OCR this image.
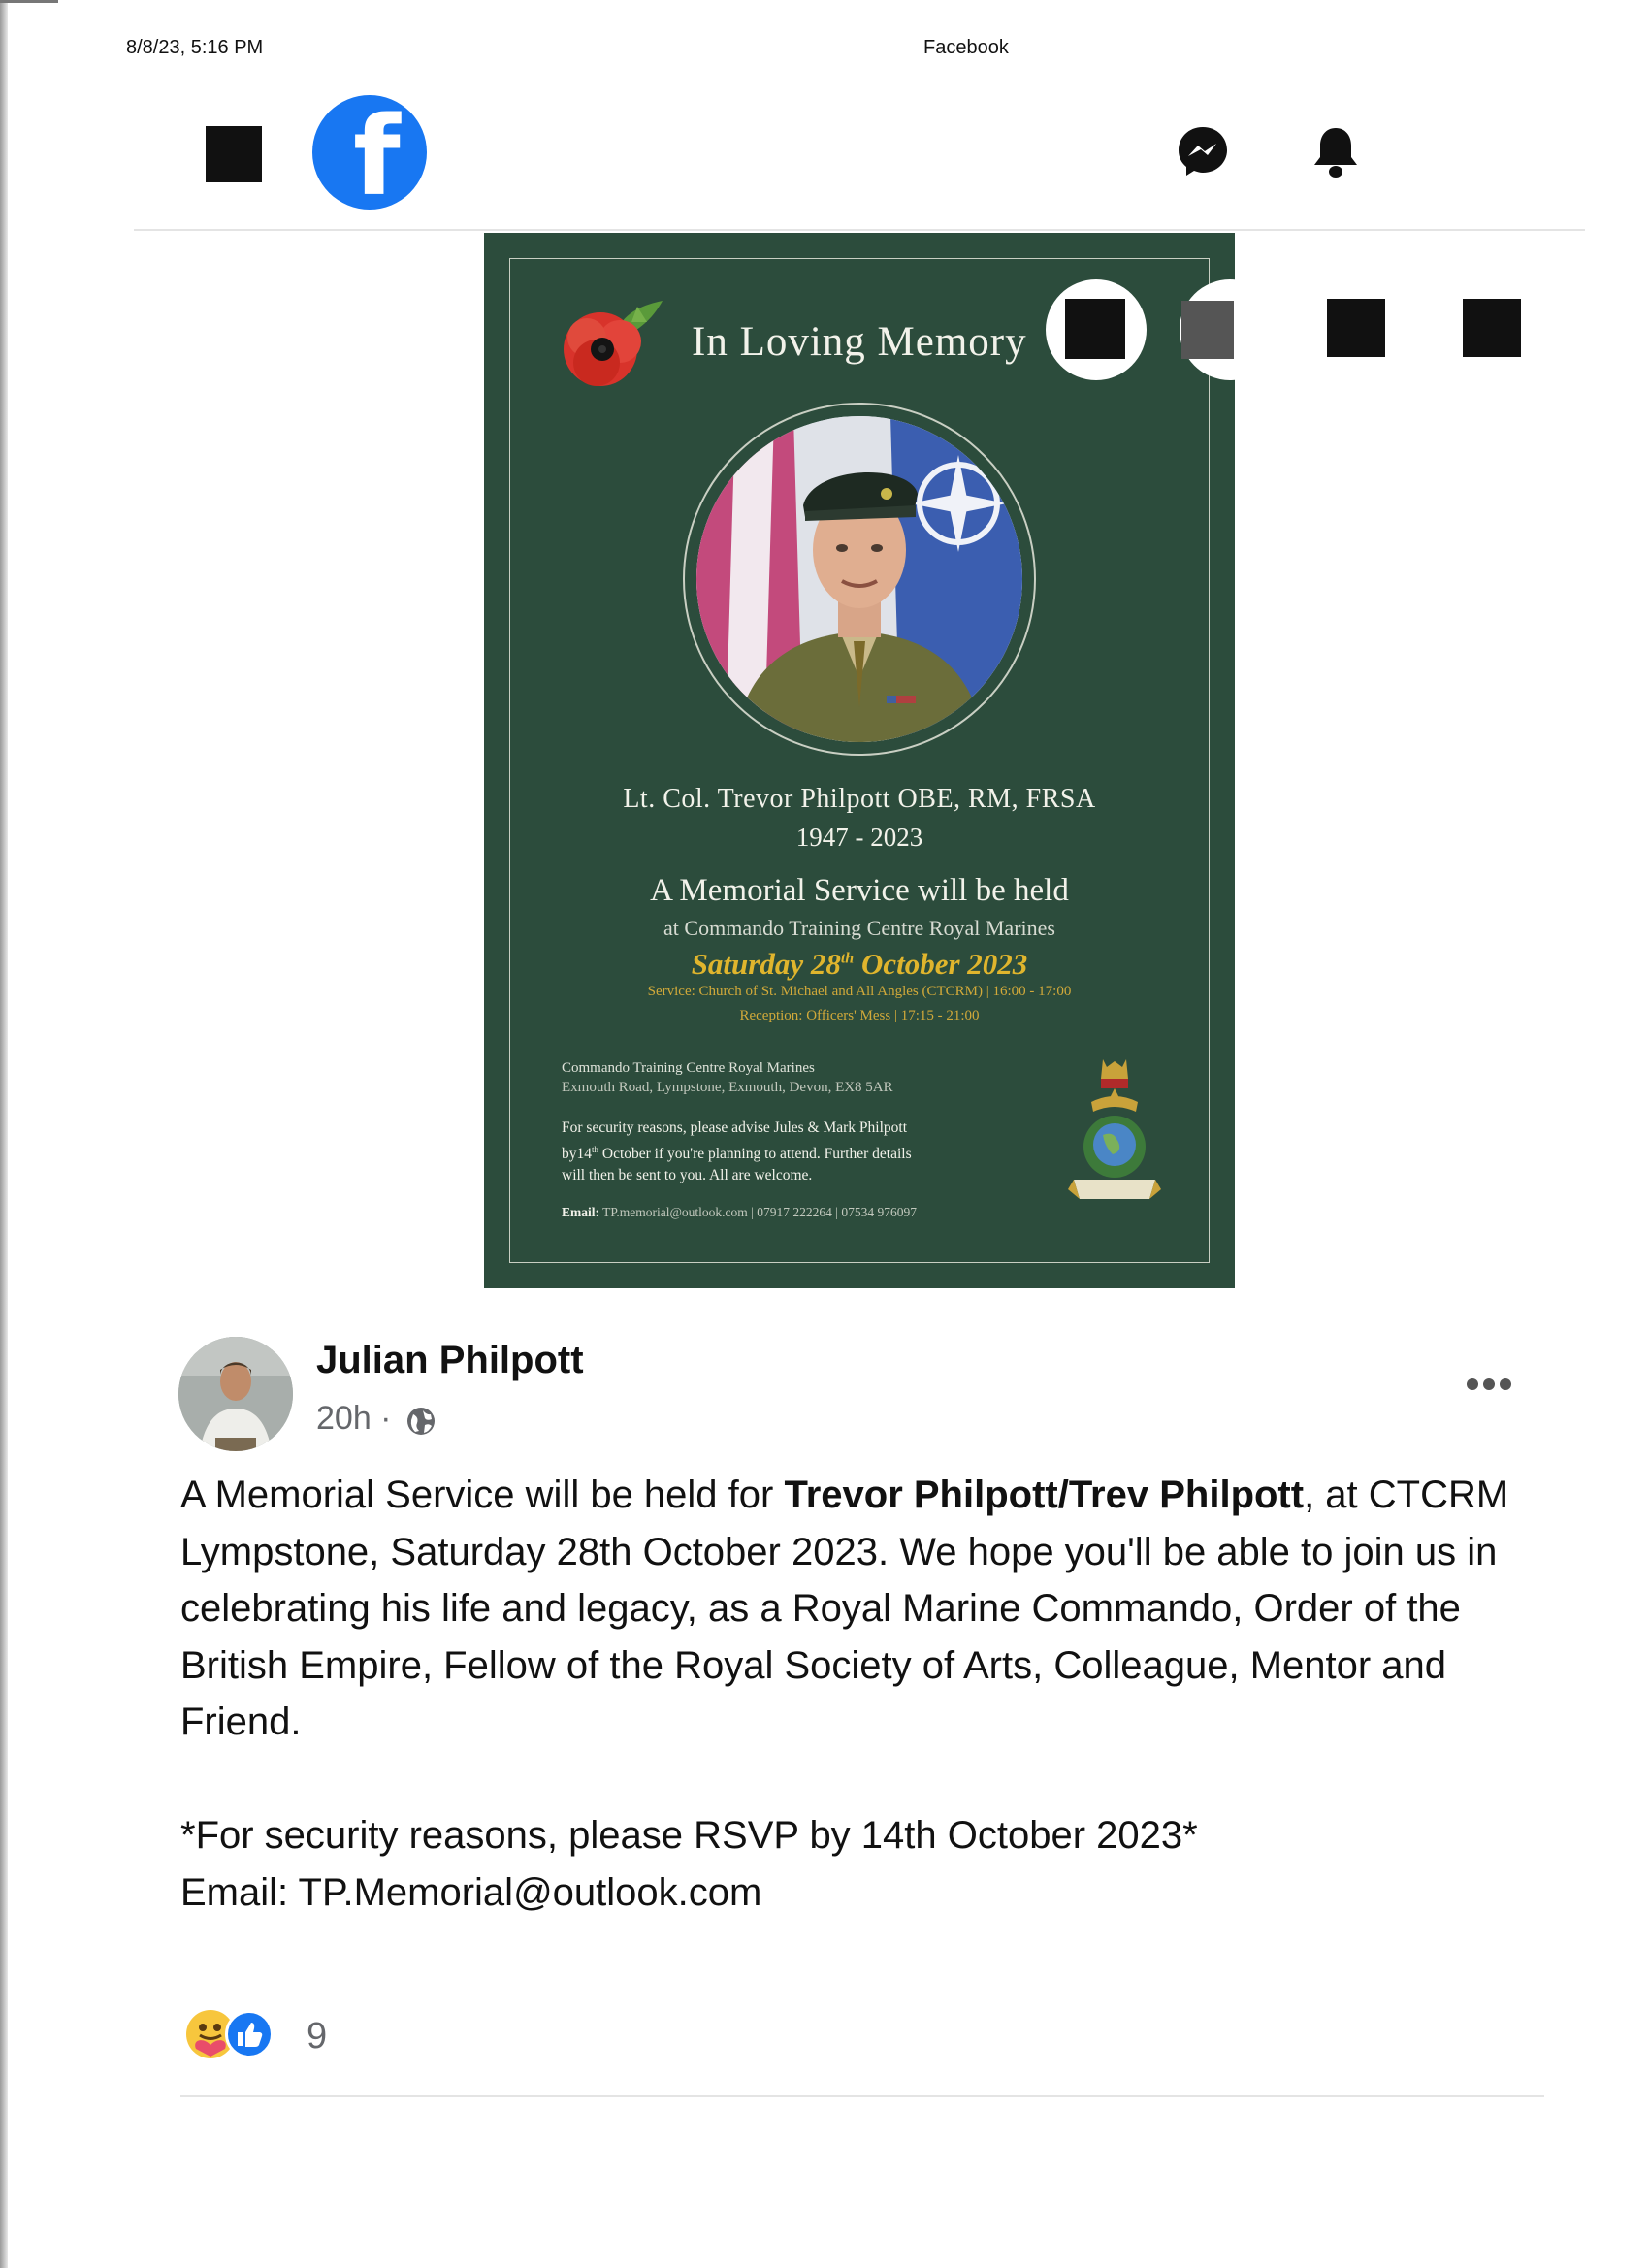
8/8/23, 5:16 PM	Facebook
f
In Loving Memory
Lt. Col. Trevor Philpott OBE, RM, FRSA
1947 - 2023
A Memorial Service will be held
at Commando Training Centre Royal Marines
Saturday 28th October 2023
Service: Church of St. Michael and All Angles (CTCRM) | 16:00 - 17:00
Reception: Officers' Mess | 17:15 - 21:00
Commando Training Centre Royal Marines
Exmouth Road, Lympstone, Exmouth, Devon, EX8 5AR
For security reasons, please advise Jules & Mark Philpott
by14th October if you're planning to attend. Further details
will then be sent to you. All are welcome.
Email: TP.memorial@outlook.com | 07917 222264 | 07534 976097
Julian Philpott
20h ·

A Memorial Service will be held for Trevor Philpott/Trev Philpott, at CTCRM Lympstone, Saturday 28th October 2023. We hope you'll be able to join us in celebrating his life and legacy, as a Royal Marine Commando, Order of the British Empire, Fellow of the Royal Society of Arts, Colleague, Mentor and Friend.

*For security reasons, please RSVP by 14th October 2023*

Email: TP.Memorial@outlook.com

9
